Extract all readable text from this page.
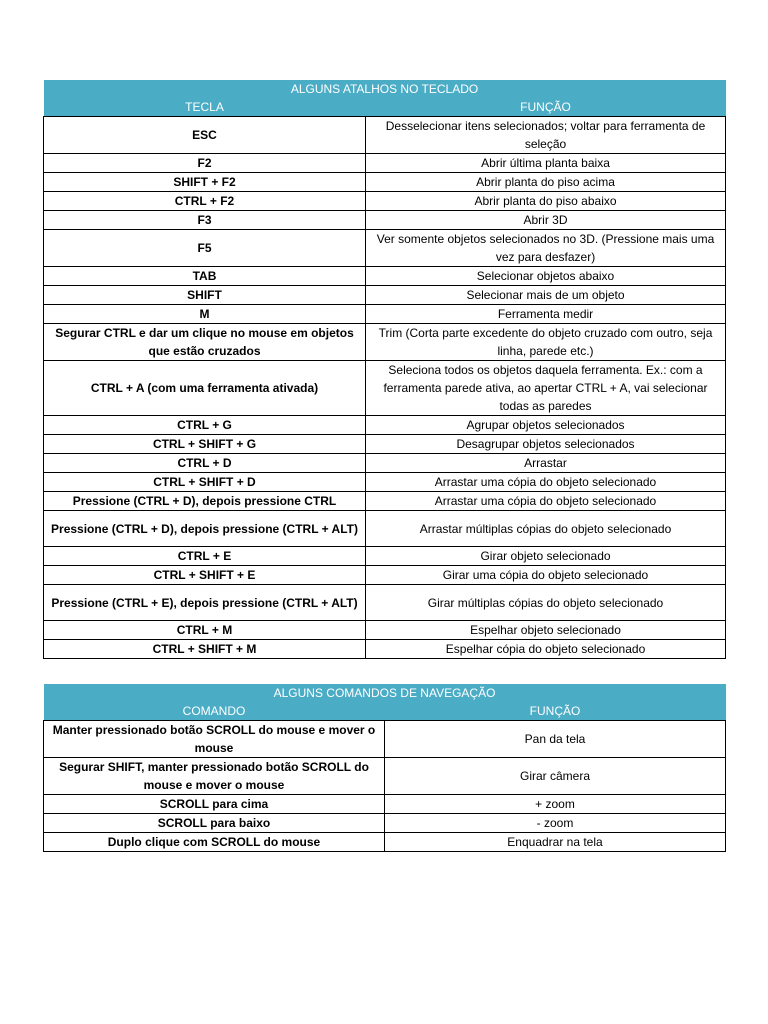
ALGUNS ATALHOS NO TECLADO	
TECLA	FUNÇÃO
ESC	Desselecionar itens selecionados; voltar para ferramenta de seleção
F2	Abrir última planta baixa
SHIFT + F2	Abrir planta do piso acima
CTRL + F2	Abrir planta do piso abaixo
F3	Abrir 3D
F5	Ver somente objetos selecionados no 3D. (Pressione mais uma vez para desfazer)
TAB	Selecionar objetos abaixo
SHIFT	Selecionar mais de um objeto
M	Ferramenta medir
Segurar CTRL e dar um clique no mouse em objetos que estão cruzados	Trim (Corta parte excedente do objeto cruzado com outro, seja linha, parede etc.)
CTRL + A (com uma ferramenta ativada)	Seleciona todos os objetos daquela ferramenta. Ex.: com a ferramenta parede ativa, ao apertar CTRL + A, vai selecionar todas as paredes
CTRL + G	Agrupar objetos selecionados
CTRL + SHIFT + G	Desagrupar objetos selecionados
CTRL + D	Arrastar
CTRL + SHIFT + D	Arrastar uma cópia do objeto selecionado
Pressione (CTRL + D), depois pressione CTRL	Arrastar uma cópia do objeto selecionado
Pressione (CTRL + D), depois pressione (CTRL + ALT)	Arrastar múltiplas cópias do objeto selecionado
CTRL + E	Girar objeto selecionado
CTRL + SHIFT + E	Girar uma cópia do objeto selecionado
Pressione (CTRL + E), depois pressione (CTRL + ALT)	Girar múltiplas cópias do objeto selecionado
CTRL + M	Espelhar objeto selecionado
CTRL + SHIFT + M	Espelhar cópia do objeto selecionado
ALGUNS COMANDOS DE NAVEGAÇÃO	
COMANDO	FUNÇÃO
Manter pressionado botão SCROLL do mouse e mover o mouse	Pan da tela
Segurar SHIFT, manter pressionado botão SCROLL do mouse e mover o mouse	Girar câmera
SCROLL para cima	+ zoom
SCROLL para baixo	- zoom
Duplo clique com SCROLL do mouse	Enquadrar na tela
